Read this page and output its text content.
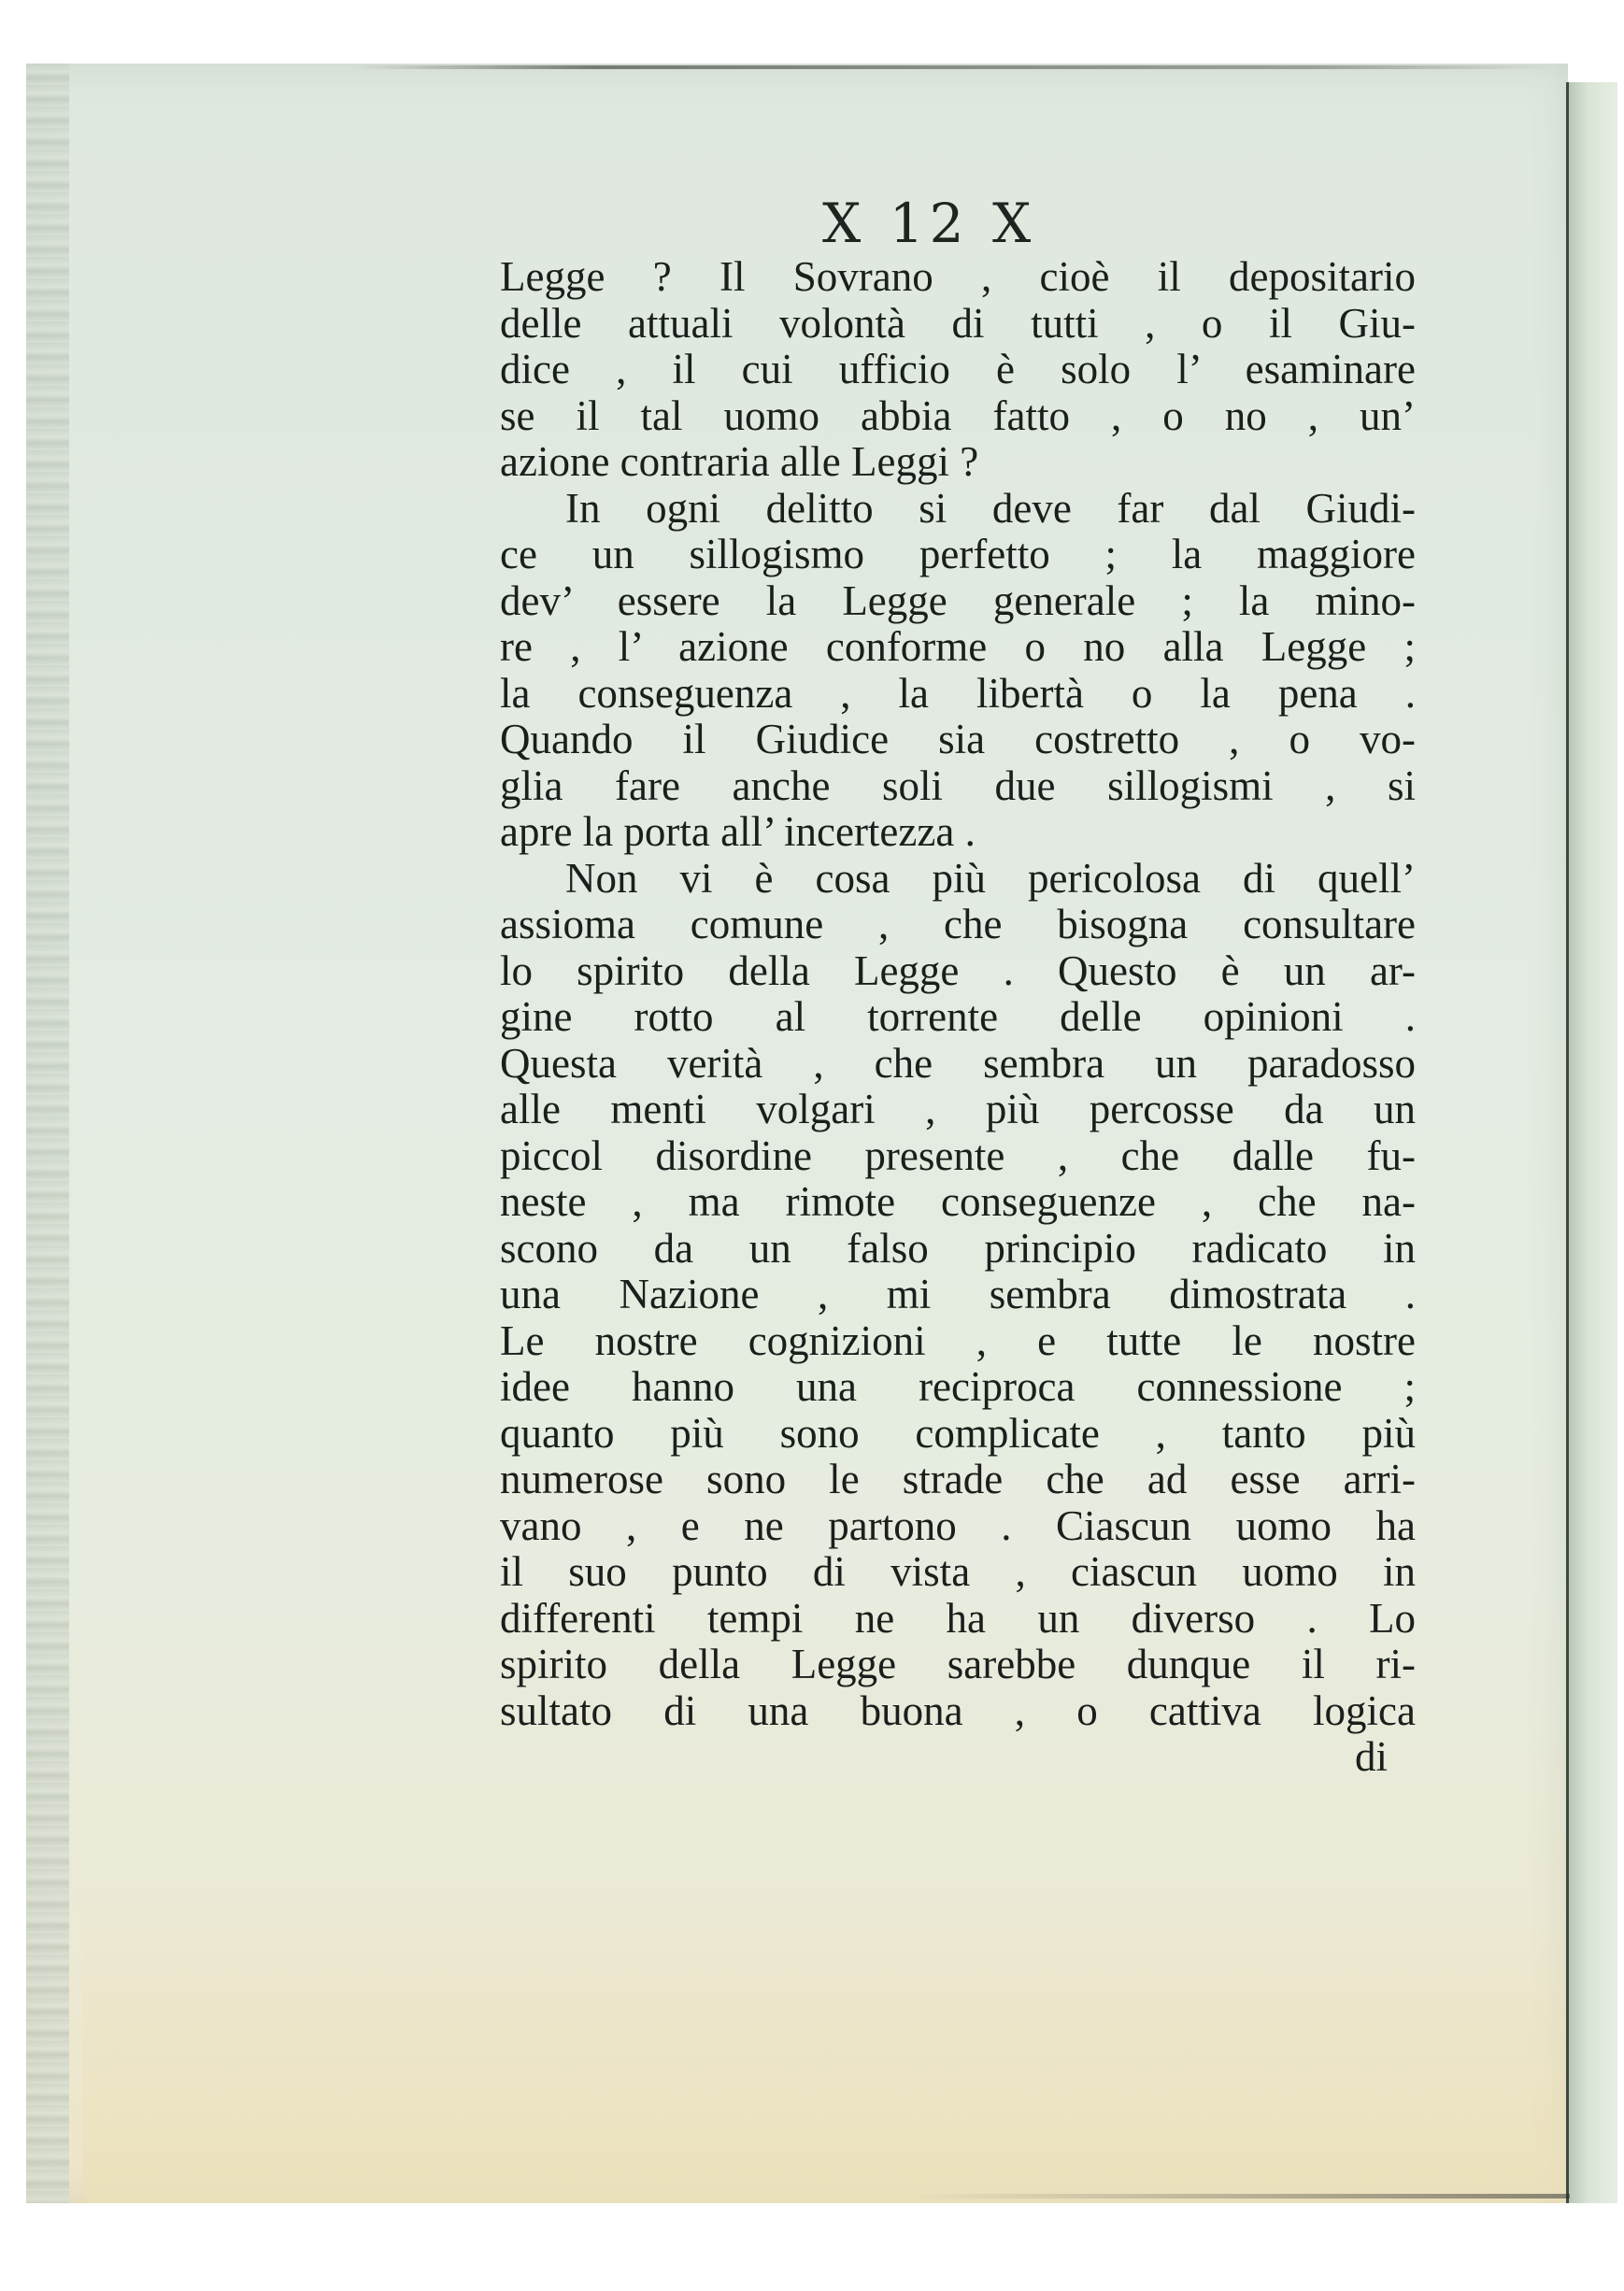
X 12 X
Legge ? Il Sovrano , cioè il depositario
delle attuali volontà di tutti , o il Giu-
dice , il cui ufficio è solo l’ esaminare
se il tal uomo abbia fatto , o no , un’
azione contraria alle Leggi ?
In ogni delitto si deve far dal Giudi-
ce un sillogismo perfetto ; la maggiore
dev’ essere la Legge generale ; la mino-
re , l’ azione conforme o no alla Legge ;
la conseguenza , la libertà o la pena .
Quando il Giudice sia costretto , o vo-
glia fare anche soli due sillogismi , si
apre la porta all’ incertezza .
Non vi è cosa più pericolosa di quell’
assioma comune , che bisogna consultare
lo spirito della Legge . Questo è un ar-
gine rotto al torrente delle opinioni .
Questa verità , che sembra un paradosso
alle menti volgari , più percosse da un
piccol disordine presente , che dalle fu-
neste , ma rimote conseguenze , che na-
scono da un falso principio radicato in
una Nazione , mi sembra dimostrata .
Le nostre cognizioni , e tutte le nostre
idee hanno una reciproca connessione ;
quanto più sono complicate , tanto più
numerose sono le strade che ad esse arri-
vano , e ne partono . Ciascun uomo ha
il suo punto di vista , ciascun uomo in
differenti tempi ne ha un diverso . Lo
spirito della Legge sarebbe dunque il ri-
sultato di una buona , o cattiva logica
di
